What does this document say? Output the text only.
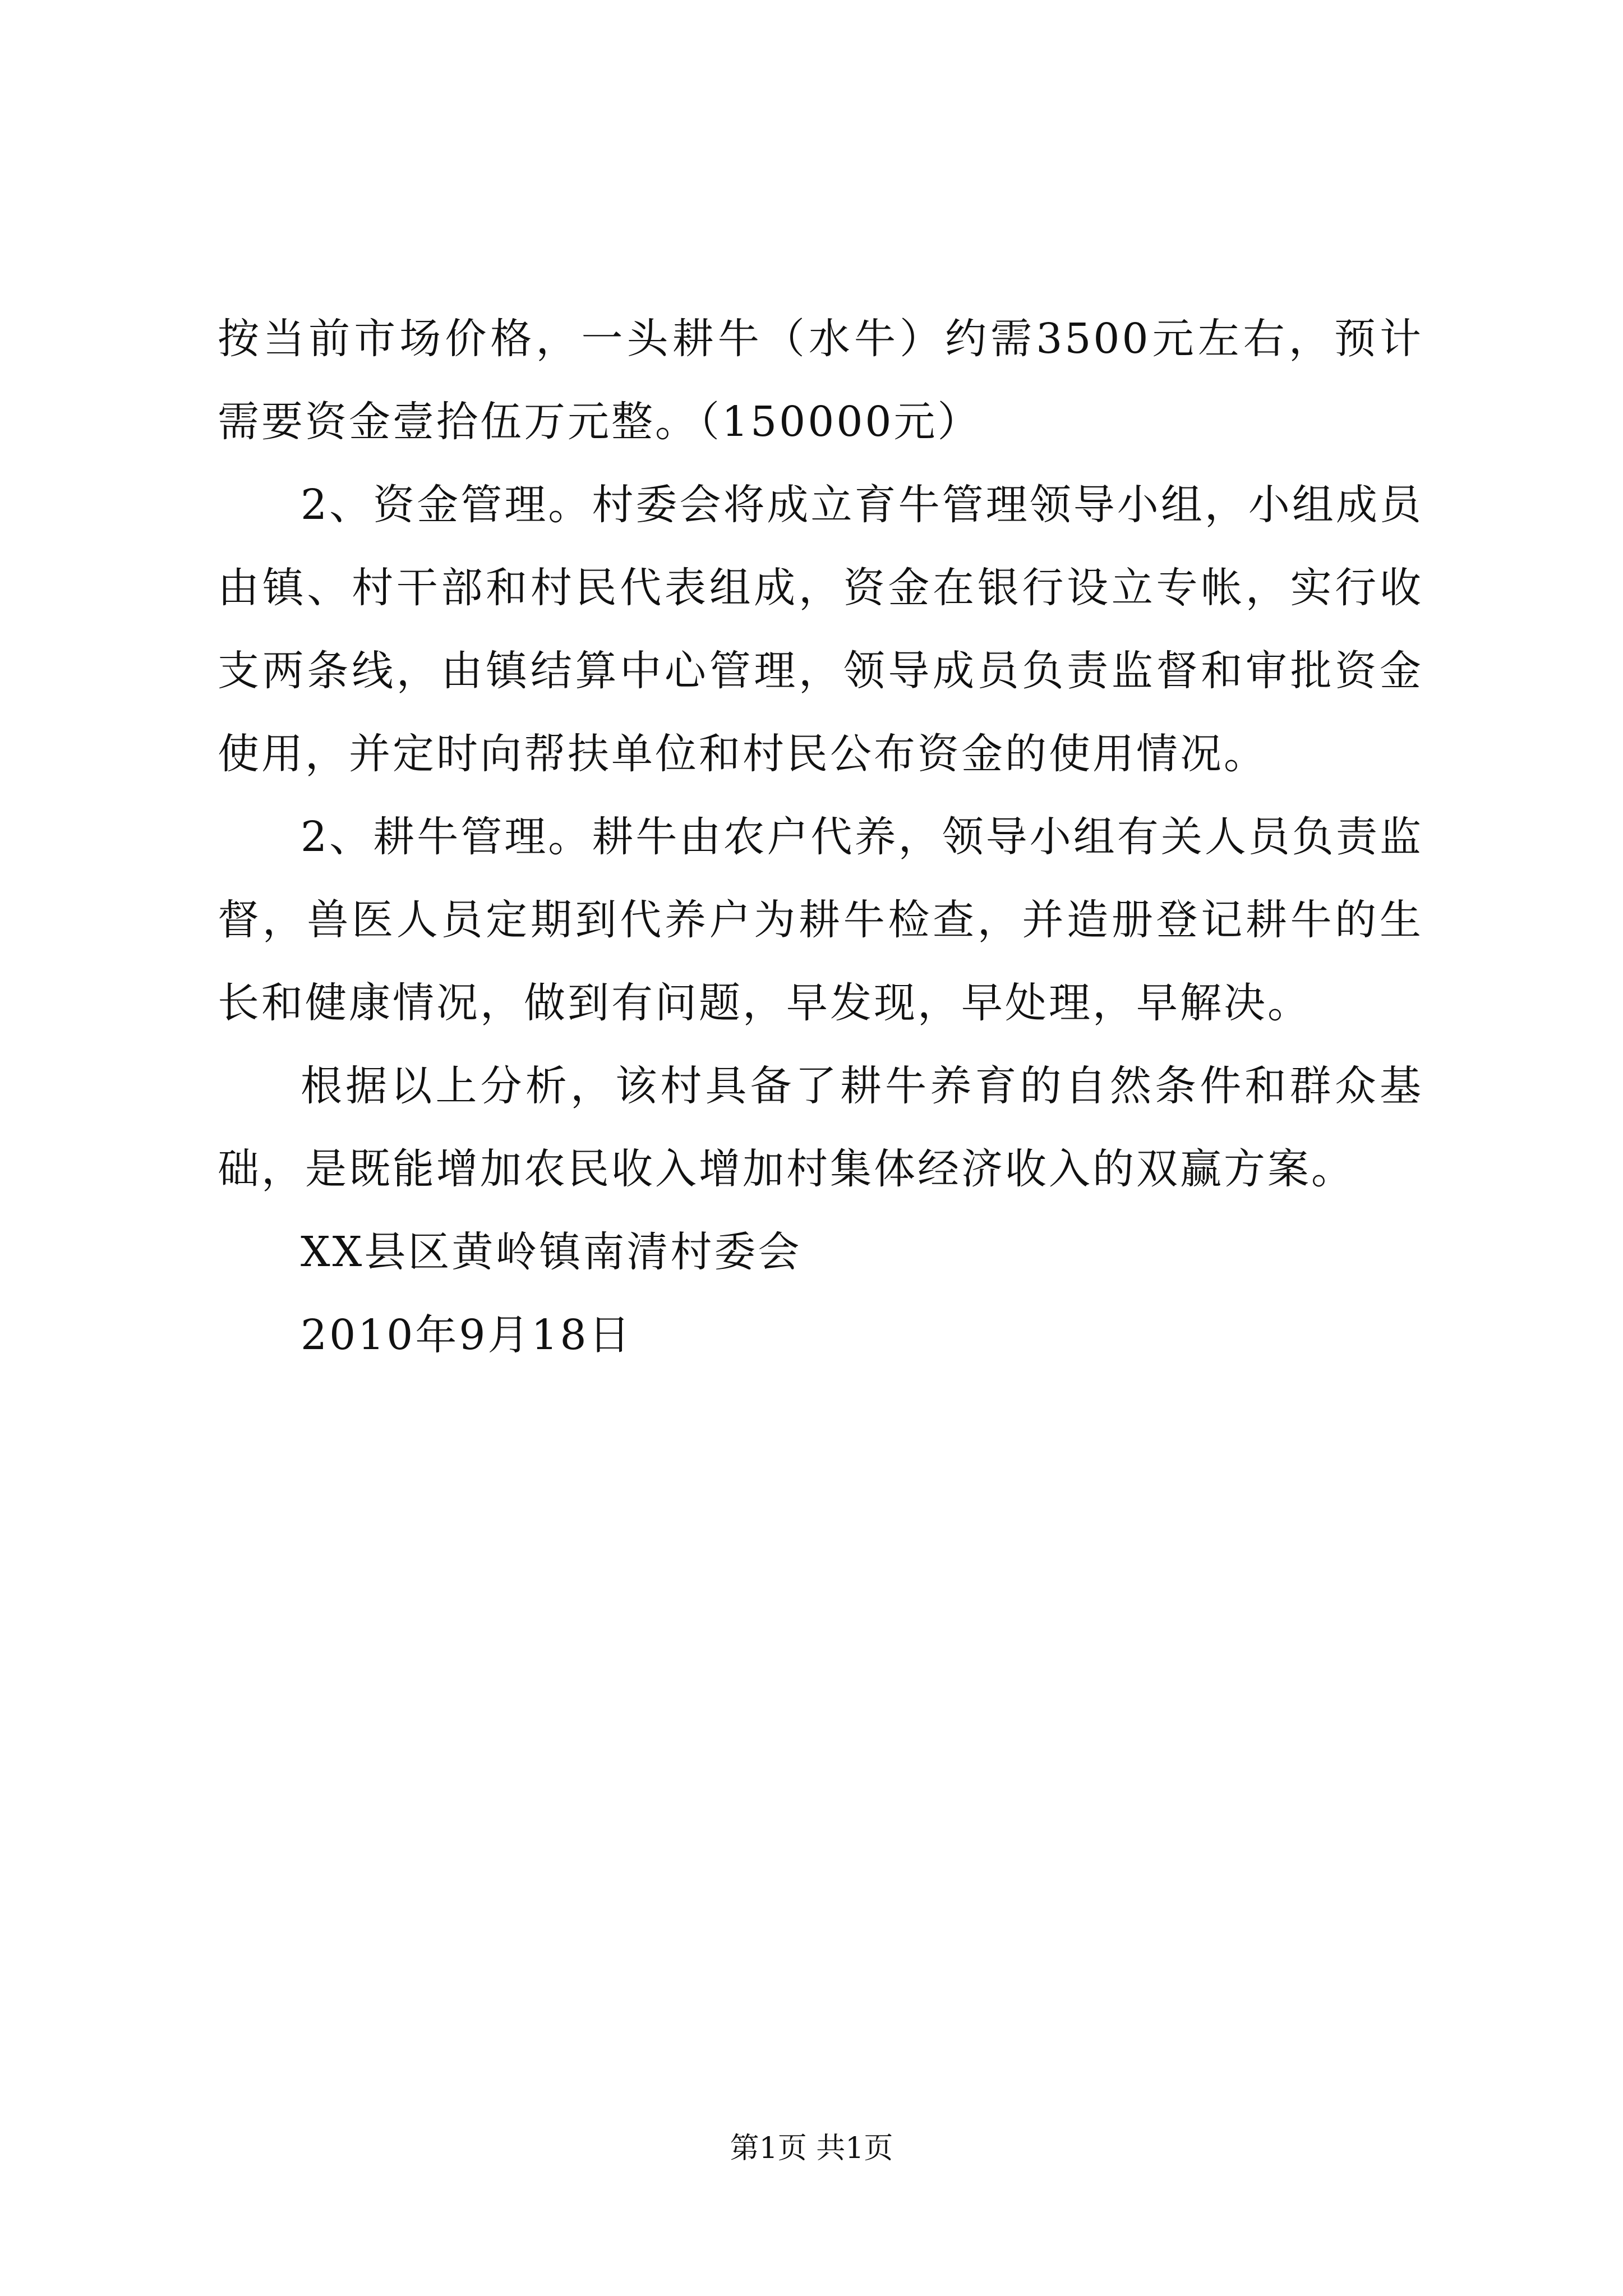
按当前市场价格，一头耕牛（水牛）约需3500元左右，预计需要资金壹拾伍万元整。（150000元）

2、资金管理。村委会将成立育牛管理领导小组，小组成员由镇、村干部和村民代表组成，资金在银行设立专帐，实行收支两条线，由镇结算中心管理，领导成员负责监督和审批资金使用，并定时向帮扶单位和村民公布资金的使用情况。

2、耕牛管理。耕牛由农户代养，领导小组有关人员负责监督，兽医人员定期到代养户为耕牛检查，并造册登记耕牛的生长和健康情况，做到有问题，早发现，早处理，早解决。

根据以上分析，该村具备了耕牛养育的自然条件和群众基础，是既能增加农民收入增加村集体经济收入的双赢方案。

XX县区黄岭镇南清村委会

2010年9月18日

第1页 共1页
